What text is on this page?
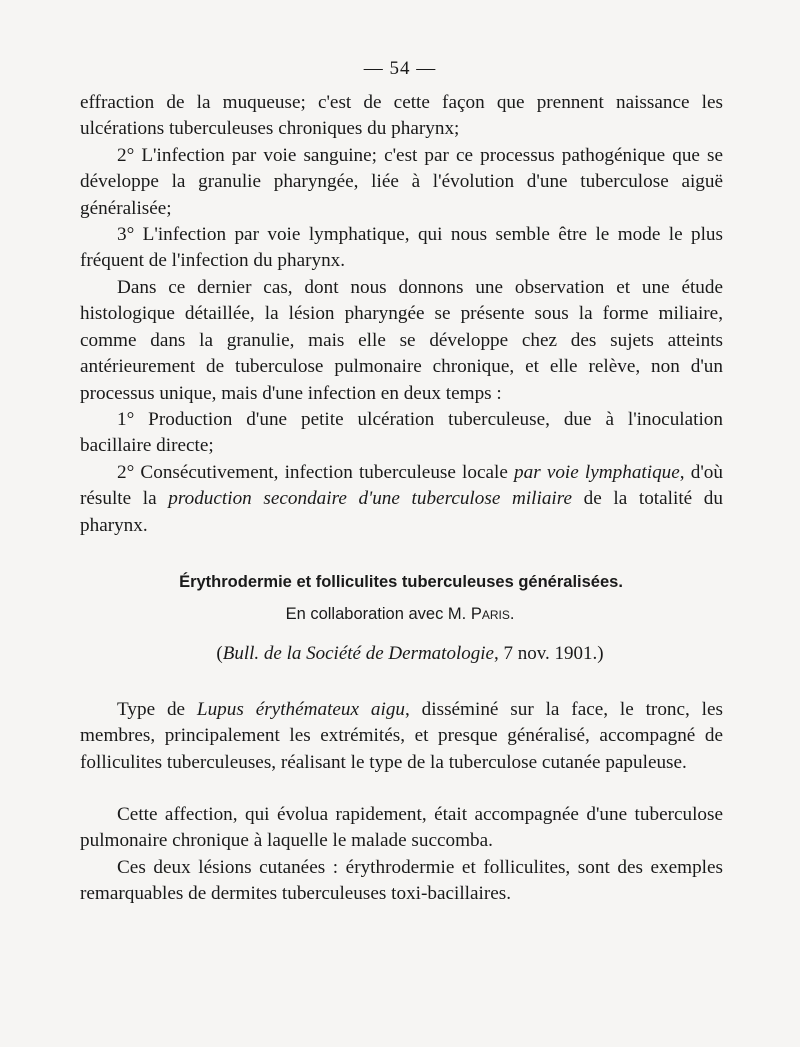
— 54 —

effraction de la muqueuse; c'est de cette façon que prennent naissance les ulcérations tuberculeuses chroniques du pharynx;

2° L'infection par voie sanguine; c'est par ce processus pathogénique que se développe la granulie pharyngée, liée à l'évolution d'une tuberculose aiguë généralisée;

3° L'infection par voie lymphatique, qui nous semble être le mode le plus fréquent de l'infection du pharynx.

Dans ce dernier cas, dont nous donnons une observation et une étude histologique détaillée, la lésion pharyngée se présente sous la forme miliaire, comme dans la granulie, mais elle se développe chez des sujets atteints antérieurement de tuberculose pulmonaire chronique, et elle relève, non d'un processus unique, mais d'une infection en deux temps :

1° Production d'une petite ulcération tuberculeuse, due à l'inoculation bacillaire directe;

2° Consécutivement, infection tuberculeuse locale par voie lymphatique, d'où résulte la production secondaire d'une tuberculose miliaire de la totalité du pharynx.

Érythrodermie et folliculites tuberculeuses généralisées.

En collaboration avec M. Paris.

(Bull. de la Société de Dermatologie, 7 nov. 1901.)

Type de Lupus érythémateux aigu, disséminé sur la face, le tronc, les membres, principalement les extrémités, et presque généralisé, accompagné de folliculites tuberculeuses, réalisant le type de la tuberculose cutanée papuleuse.

Cette affection, qui évolua rapidement, était accompagnée d'une tuberculose pulmonaire chronique à laquelle le malade succomba.

Ces deux lésions cutanées : érythrodermie et folliculites, sont des exemples remarquables de dermites tuberculeuses toxi-bacillaires.
